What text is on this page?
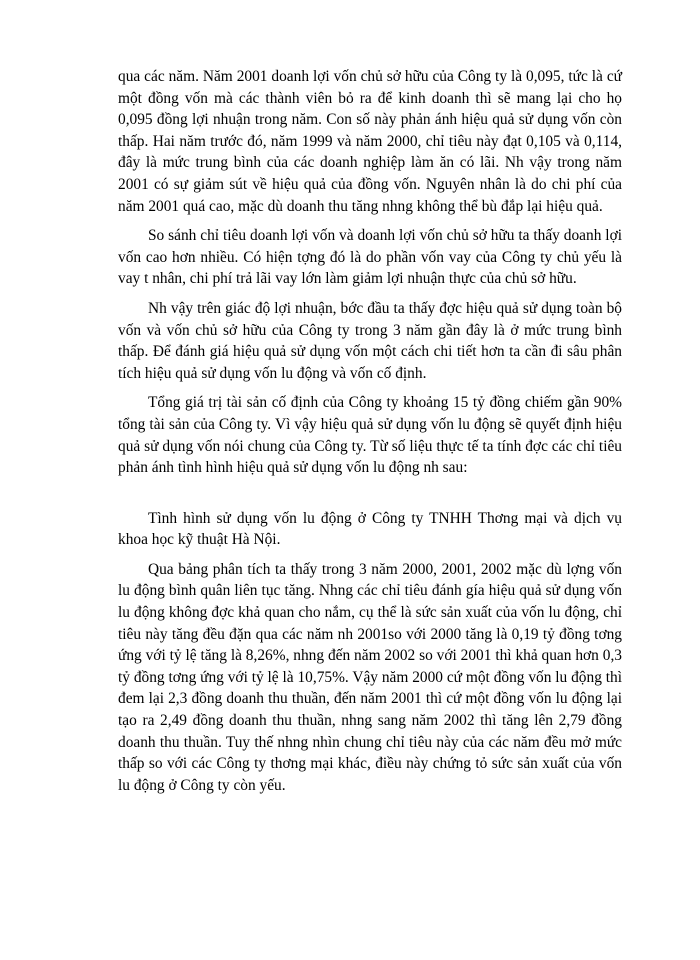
qua các năm. Năm 2001 doanh lợi vốn chủ sở hữu của Công ty là 0,095, tức là cứ một đồng vốn mà các thành viên bỏ ra để kinh doanh thì sẽ mang lại cho họ 0,095 đồng lợi nhuận trong năm. Con số này phản ánh hiệu quả sử dụng vốn còn thấp. Hai năm trước đó, năm 1999 và năm 2000, chỉ tiêu này đạt 0,105 và 0,114, đây là mức trung bình của các doanh nghiệp làm ăn có lãi. Nh vậy trong năm 2001 có sự giảm sút về hiệu quả của đồng vốn. Nguyên nhân là do chi phí của năm 2001 quá cao, mặc dù doanh thu tăng nhng không thể bù đắp lại hiệu quả.

So sánh chỉ tiêu doanh lợi vốn và doanh lợi vốn chủ sở hữu ta thấy doanh lợi vốn cao hơn nhiều. Có hiện tợng đó là do phần vốn vay của Công ty chủ yếu là vay t nhân, chi phí trả lãi vay lớn làm giảm lợi nhuận thực của chủ sở hữu.

Nh vậy trên giác độ lợi nhuận, bớc đầu ta thấy đợc hiệu quả sử dụng toàn bộ vốn và vốn chủ sở hữu của Công ty trong 3 năm gần đây là ở mức trung bình thấp. Để đánh giá hiệu quả sử dụng vốn một cách chi tiết hơn ta cần đi sâu phân tích hiệu quả sử dụng vốn lu động và vốn cố định.

Tổng giá trị tài sản cố định của Công ty khoảng 15 tỷ đồng chiếm gần 90% tổng tài sản của Công ty. Vì vậy hiệu quả sử dụng vốn lu động sẽ quyết định hiệu quả sử dụng vốn nói chung của Công ty. Từ số liệu thực tế ta tính đợc các chỉ tiêu phản ánh tình hình hiệu quả sử dụng vốn lu động nh sau:

Tình hình sử dụng vốn lu động ở Công ty TNHH Thơng mại và dịch vụ khoa học kỹ thuật Hà Nội.

Qua bảng phân tích ta thấy trong 3 năm 2000, 2001, 2002 mặc dù lợng vốn lu động bình quân liên tục tăng. Nhng các chỉ tiêu đánh gía hiệu quả sử dụng vốn lu động không đợc khả quan cho nắm, cụ thể là sức sản xuất của vốn lu động, chỉ tiêu này tăng đều đặn qua các năm nh 2001so với 2000 tăng là 0,19 tỷ đồng tơng ứng với tỷ lệ tăng là 8,26%, nhng đến năm 2002 so với 2001 thì khả quan hơn 0,3 tỷ đồng tơng ứng với tỷ lệ là 10,75%. Vậy năm 2000 cứ một đồng vốn lu động thì đem lại 2,3 đồng doanh thu thuần, đến năm 2001 thì cứ một đồng vốn lu động lại tạo ra 2,49 đồng doanh thu thuần, nhng sang năm 2002 thì tăng lên 2,79 đồng doanh thu thuần. Tuy thế nhng nhìn chung chỉ tiêu này của các năm đều mở mức thấp so với các Công ty thơng mại khác, điều này chứng tỏ sức sản xuất của vốn lu động ở Công ty còn yếu.
